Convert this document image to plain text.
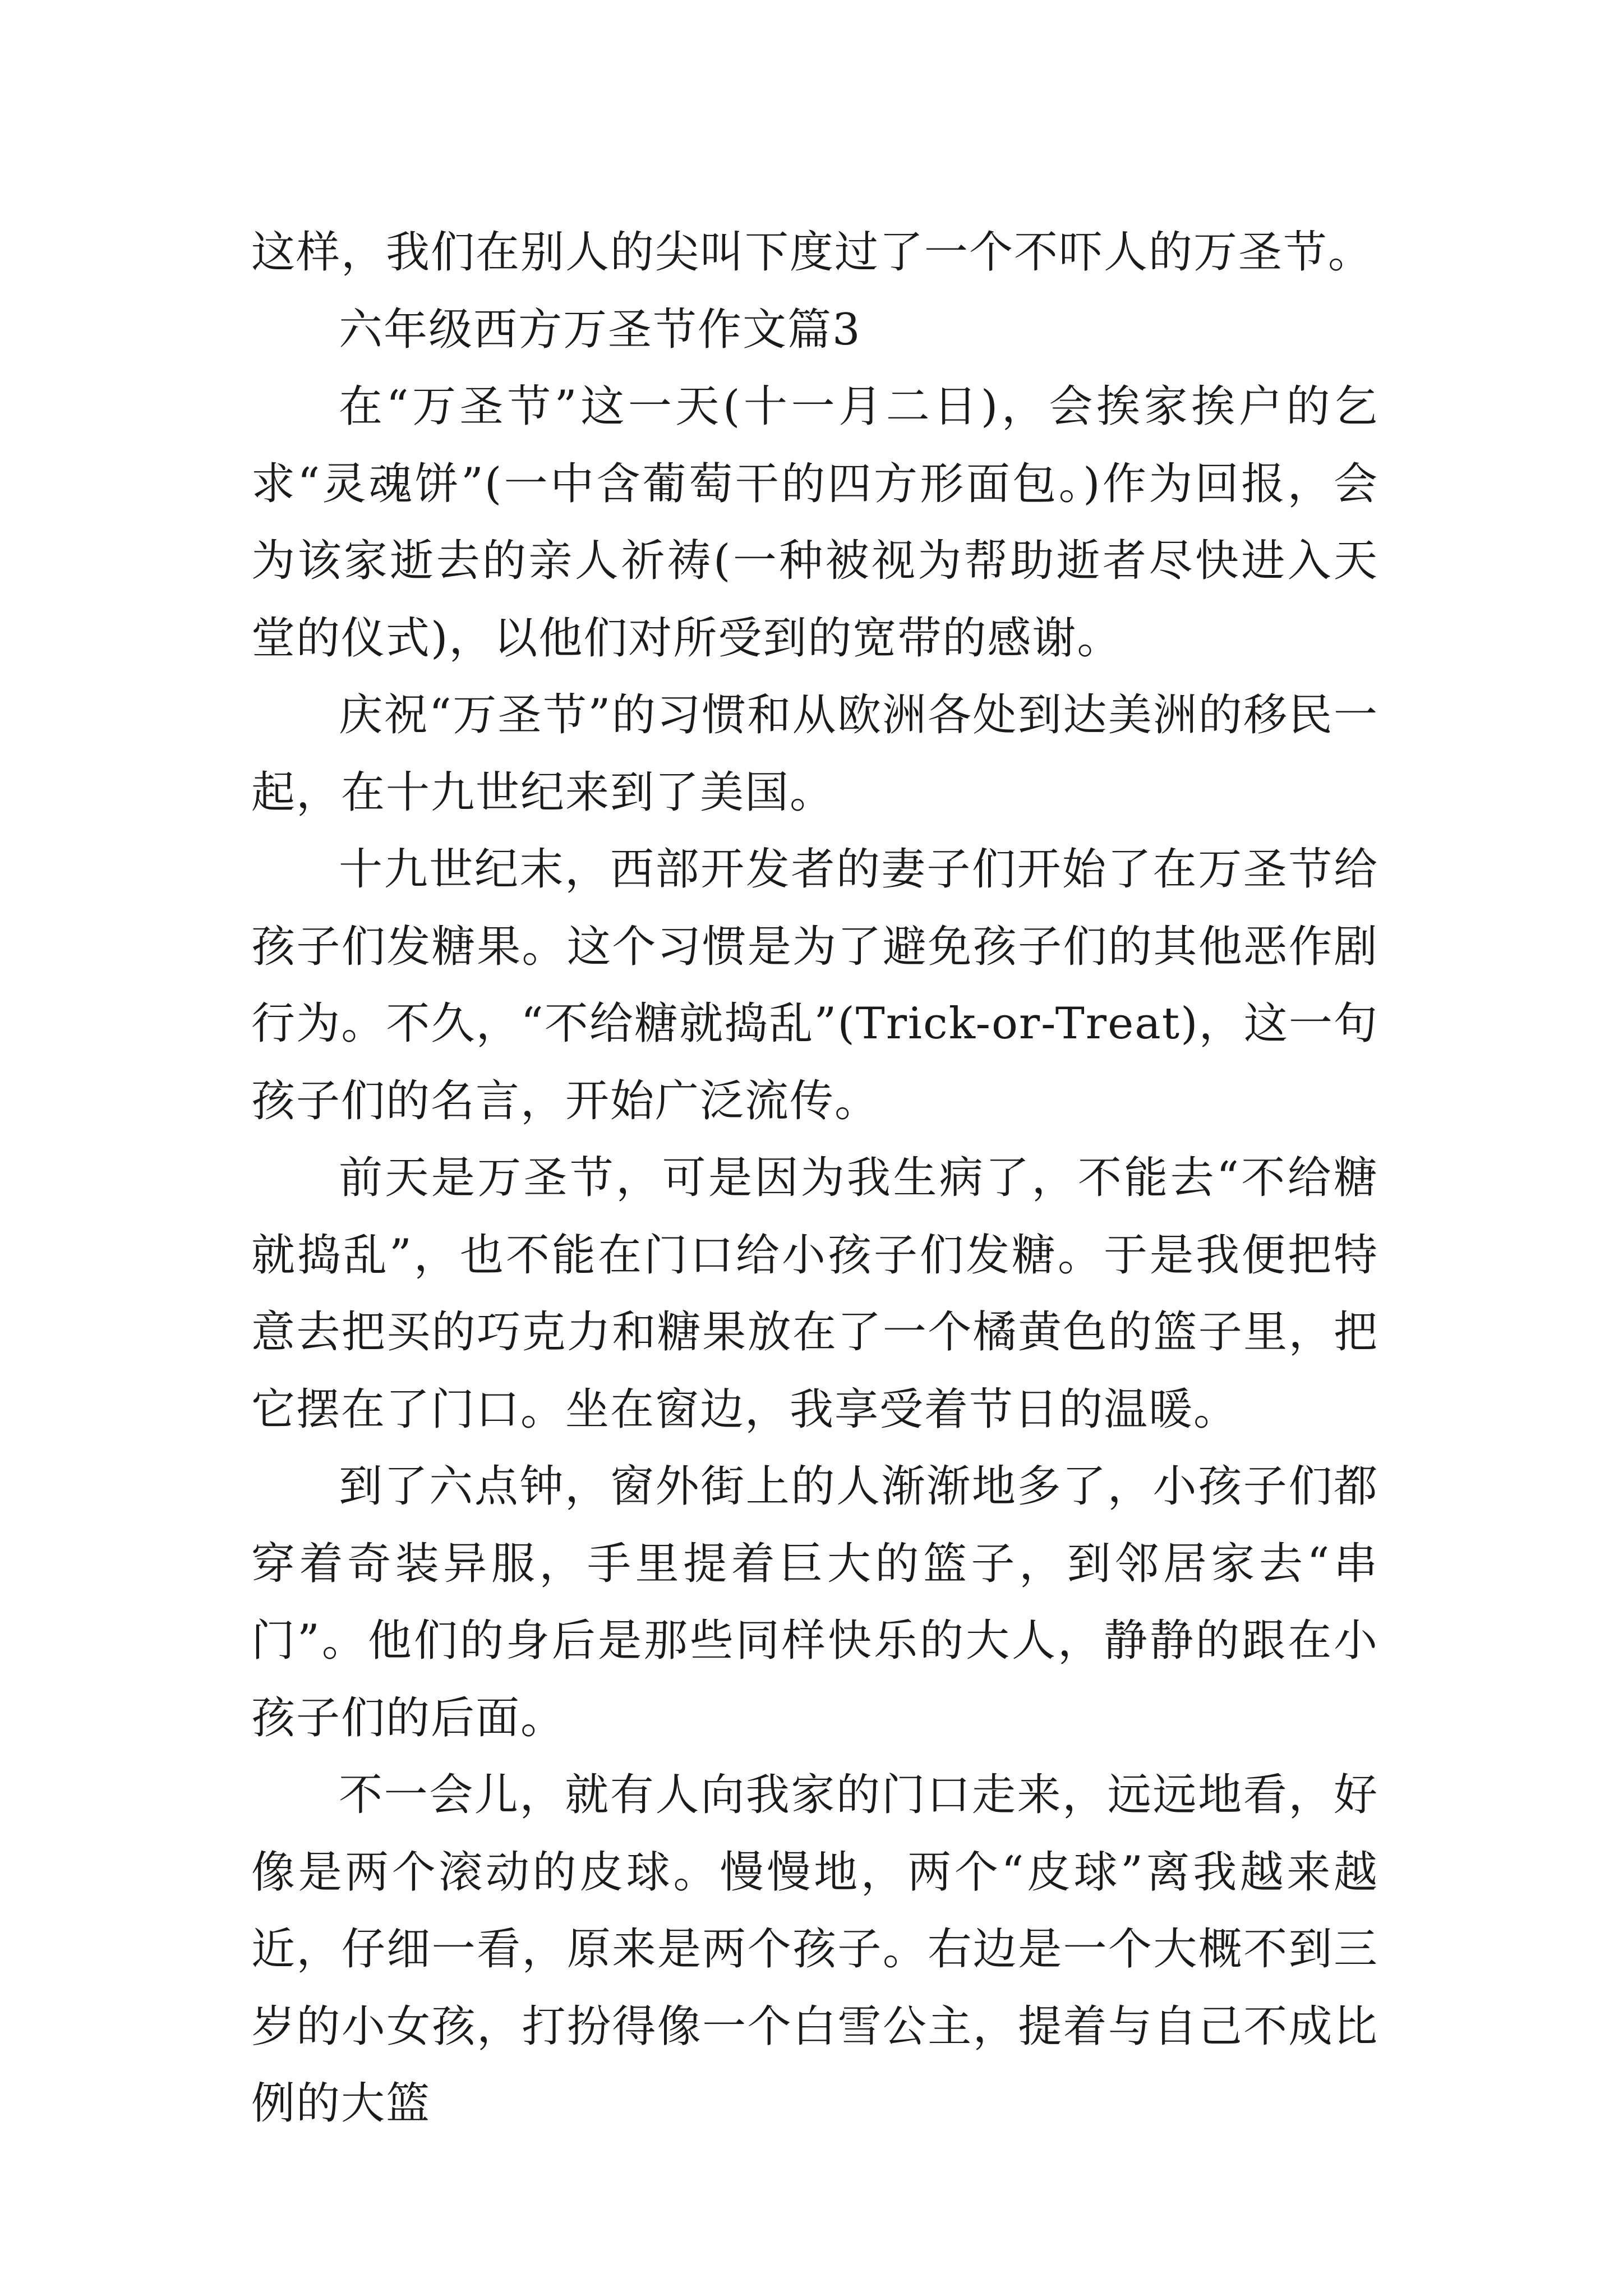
这样，我们在别人的尖叫下度过了一个不吓人的万圣节。

六年级西方万圣节作文篇3

在“万圣节”这一天(十一月二日)，会挨家挨户的乞求“灵魂饼”(一中含葡萄干的四方形面包。)作为回报，会为该家逝去的亲人祈祷(一种被视为帮助逝者尽快进入天堂的仪式)，以他们对所受到的宽带的感谢。

庆祝“万圣节”的习惯和从欧洲各处到达美洲的移民一起，在十九世纪来到了美国。

十九世纪末，西部开发者的妻子们开始了在万圣节给孩子们发糖果。这个习惯是为了避免孩子们的其他恶作剧行为。不久，“不给糖就捣乱”(Trick-or-Treat)，这一句孩子们的名言，开始广泛流传。

前天是万圣节，可是因为我生病了，不能去“不给糖就捣乱”，也不能在门口给小孩子们发糖。于是我便把特意去把买的巧克力和糖果放在了一个橘黄色的篮子里，把它摆在了门口。坐在窗边，我享受着节日的温暖。

到了六点钟，窗外街上的人渐渐地多了，小孩子们都穿着奇装异服，手里提着巨大的篮子，到邻居家去“串门”。他们的身后是那些同样快乐的大人，静静的跟在小孩子们的后面。

不一会儿，就有人向我家的门口走来，远远地看，好像是两个滚动的皮球。慢慢地，两个“皮球”离我越来越近，仔细一看，原来是两个孩子。右边是一个大概不到三岁的小女孩，打扮得像一个白雪公主，提着与自己不成比例的大篮
